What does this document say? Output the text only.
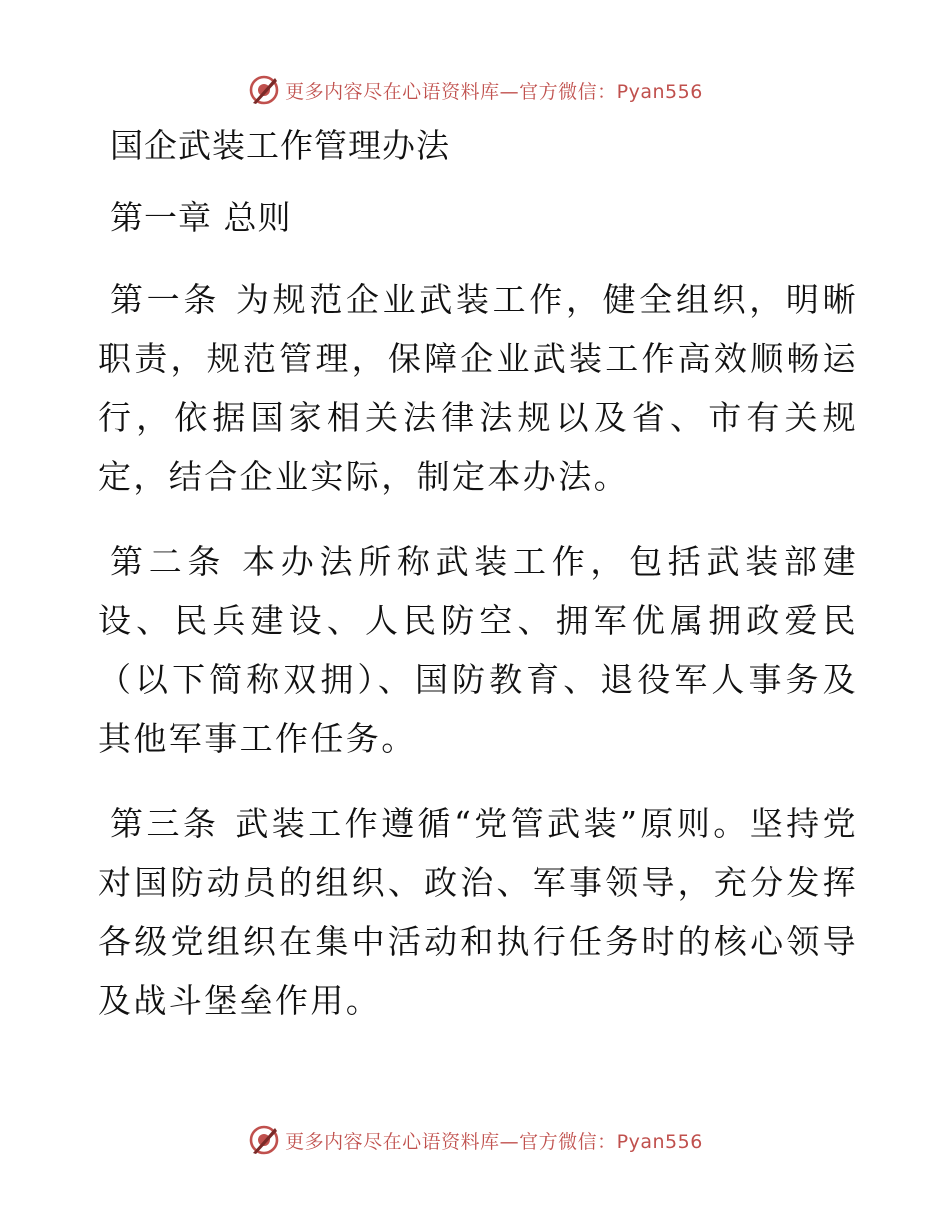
更多内容尽在心语资料库—官方微信：Pyan556
国企武装工作管理办法
第一章 总则

第一条 为规范企业武装工作，健全组织，明晰职责，规范管理，保障企业武装工作高效顺畅运行，依据国家相关法律法规以及省、市有关规定，结合企业实际，制定本办法。

第二条 本办法所称武装工作，包括武装部建设、民兵建设、人民防空、拥军优属拥政爱民（以下简称双拥）、国防教育、退役军人事务及其他军事工作任务。

第三条 武装工作遵循“党管武装”原则。坚持党对国防动员的组织、政治、军事领导，充分发挥各级党组织在集中活动和执行任务时的核心领导及战斗堡垒作用。

更多内容尽在心语资料库—官方微信：Pyan556
